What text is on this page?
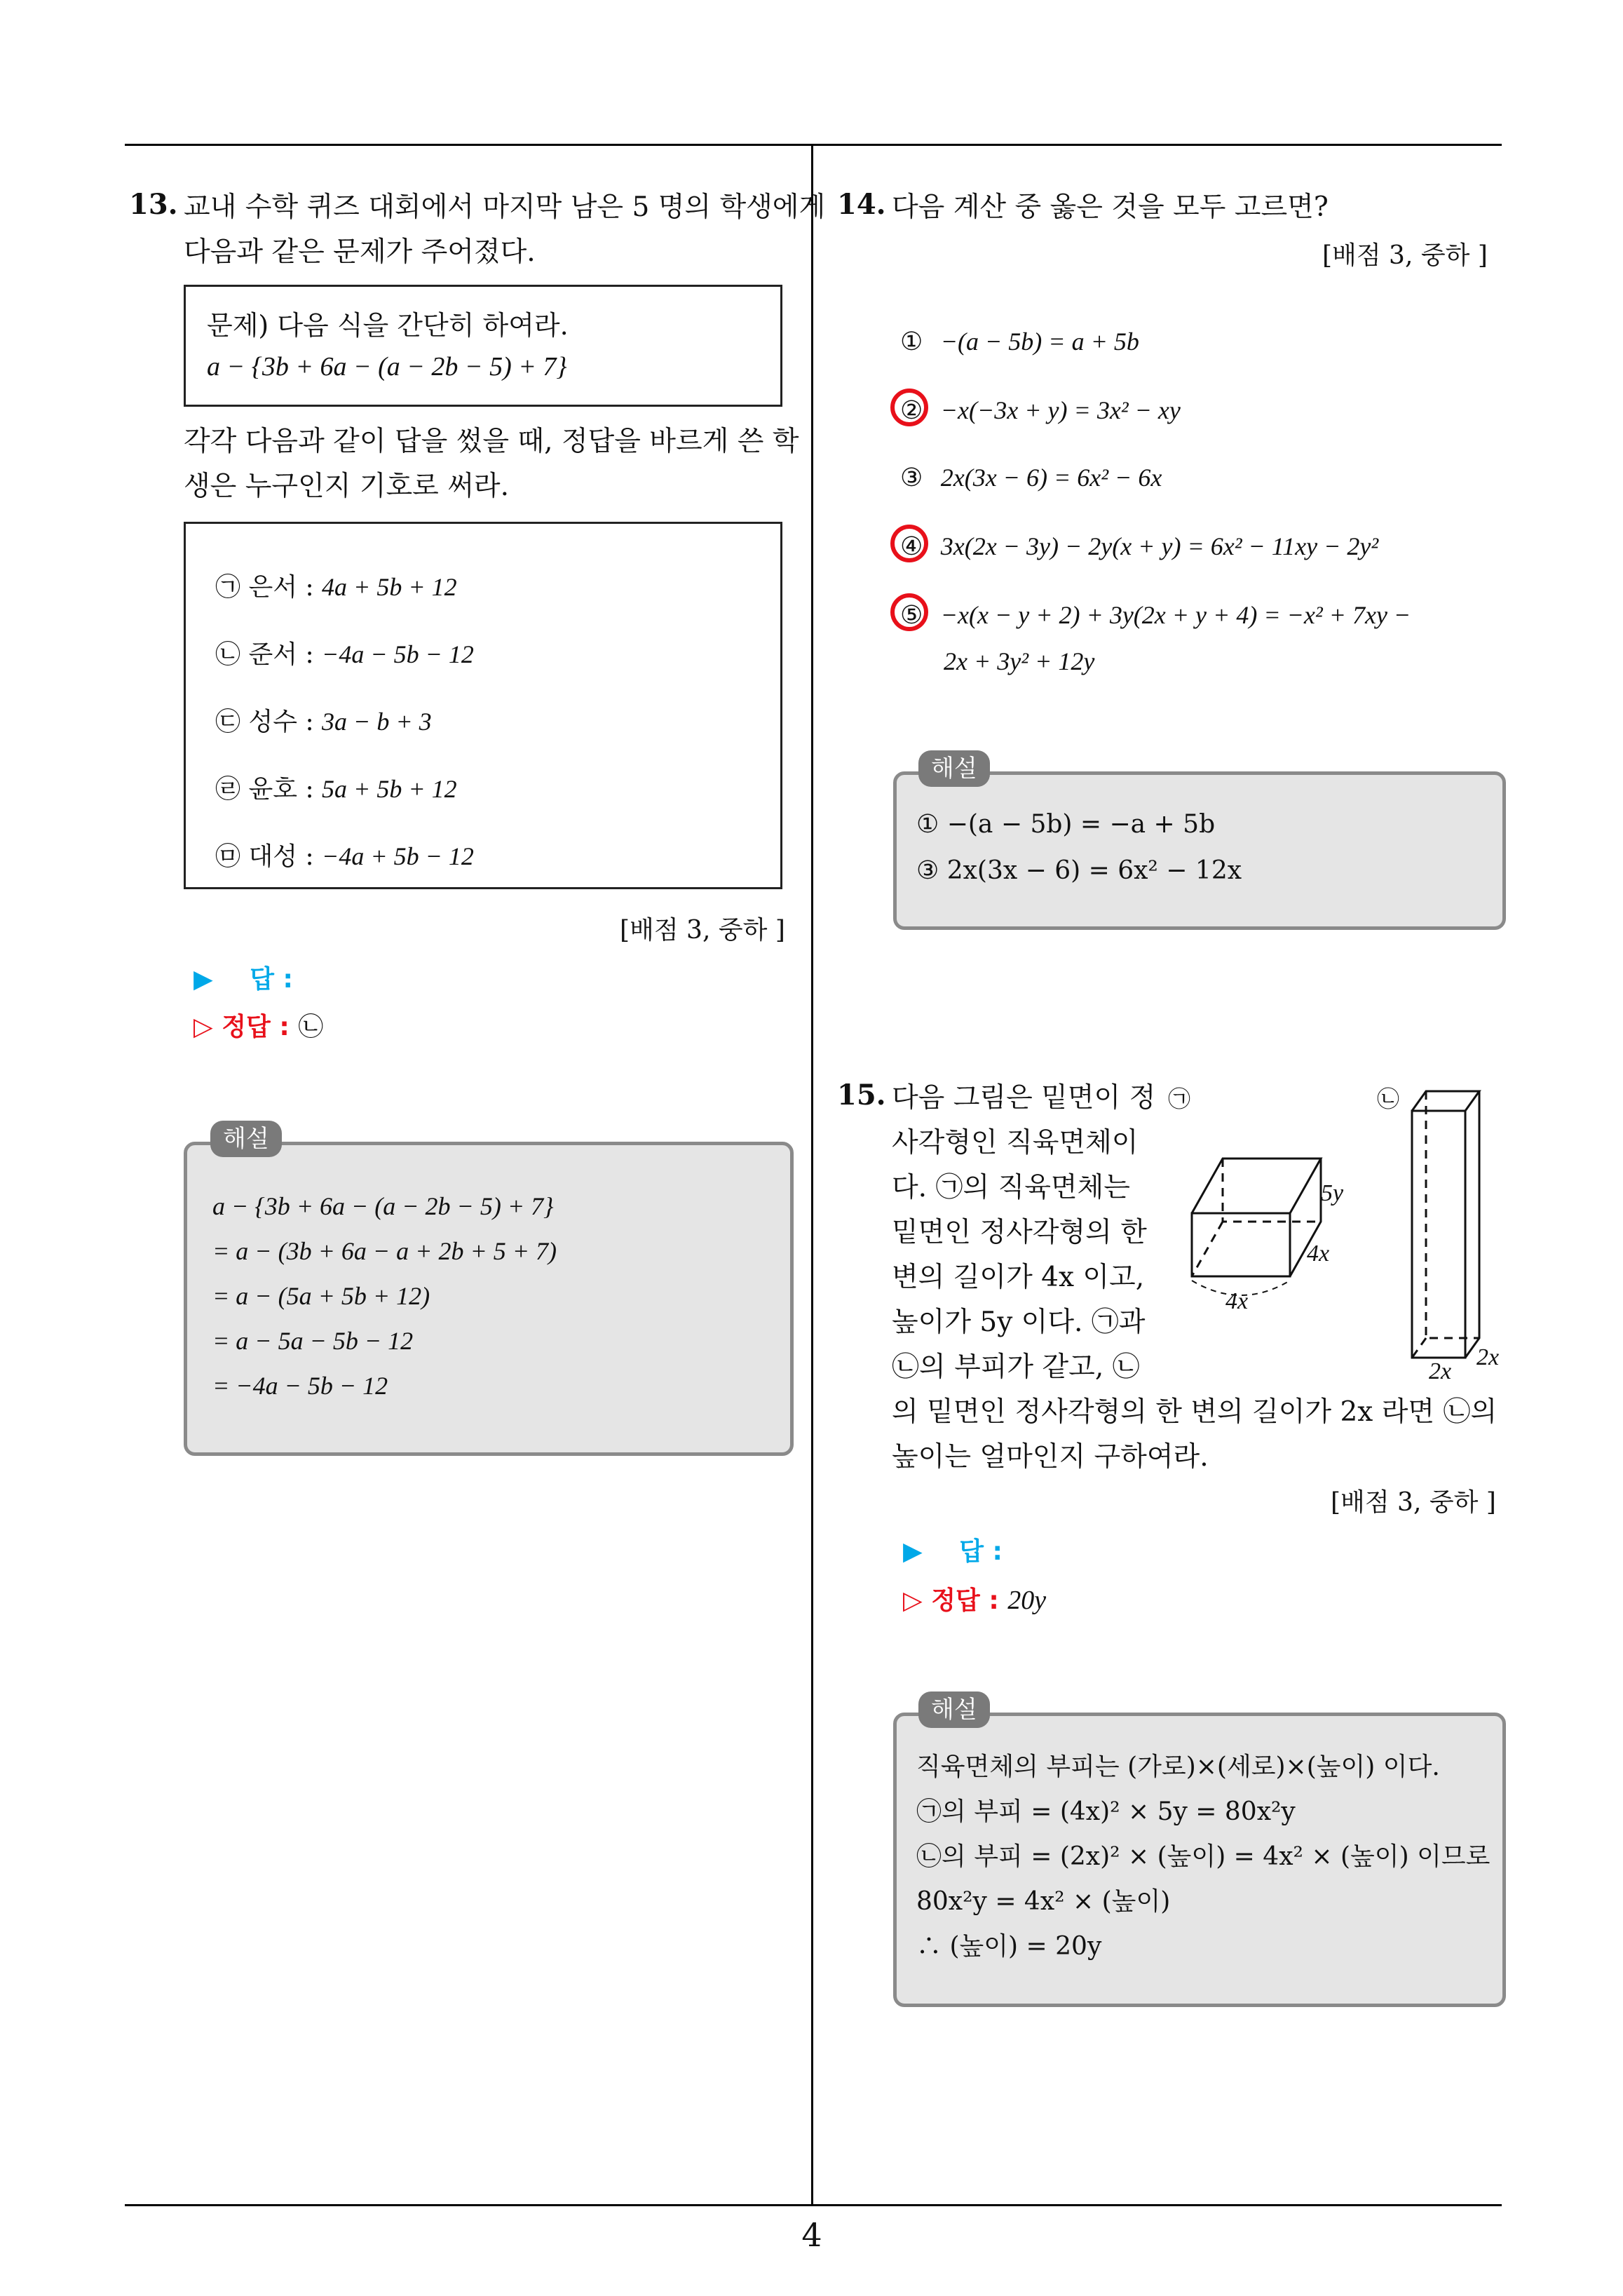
4
13. 교내 수학 퀴즈 대회에서 마지막 남은 5 명의 학생에게
다음과 같은 문제가 주어졌다.
문제) 다음 식을 간단히 하여라.
a − {3b + 6a − (a − 2b − 5) + 7}
각각 다음과 같이 답을 썼을 때, 정답을 바르게 쓴 학
생은 누구인지 기호로 써라.
㉠ 은서 : 4a + 5b + 12
㉡ 준서 : −4a − 5b − 12
㉢ 성수 : 3a − b + 3
㉣ 윤호 : 5a + 5b + 12
㉤ 대성 : −4a + 5b − 12
[배점 3, 중하 ]
▶ 답 :
▷ 정답 : ㉡
a − {3b + 6a − (a − 2b − 5) + 7}
= a − (3b + 6a − a + 2b + 5 + 7)
= a − (5a + 5b + 12)
= a − 5a − 5b − 12
= −4a − 5b − 12
해설
14. 다음 계산 중 옳은 것을 모두 고르면?
[배점 3, 중하 ]
① −(a − 5b) = a + 5b
② −x(−3x + y) = 3x² − xy
③ 2x(3x − 6) = 6x² − 6x
④ 3x(2x − 3y) − 2y(x + y) = 6x² − 11xy − 2y²
⑤ −x(x − y + 2) + 3y(2x + y + 4) = −x² + 7xy −
2x + 3y² + 12y
① −(a − 5b) = −a + 5b
③ 2x(3x − 6) = 6x² − 12x
해설
15. 다음 그림은 밑면이 정
사각형인 직육면체이
다. ㉠의 직육면체는
밑면인 정사각형의 한
변의 길이가 4x 이고,
높이가 5y 이다. ㉠과
㉡의 부피가 같고, ㉡
의 밑면인 정사각형의 한 변의 길이가 2x 라면 ㉡의
높이는 얼마인지 구하여라.
㉠	㉡
5y
4x
4x
2x
2x
[배점 3, 중하 ]
▶ 답 :
▷ 정답 : 20y
직육면체의 부피는 (가로)×(세로)×(높이) 이다.
㉠의 부피 = (4x)² × 5y = 80x²y
㉡의 부피 = (2x)² × (높이) = 4x² × (높이) 이므로
80x²y = 4x² × (높이)
∴ (높이) = 20y
해설
